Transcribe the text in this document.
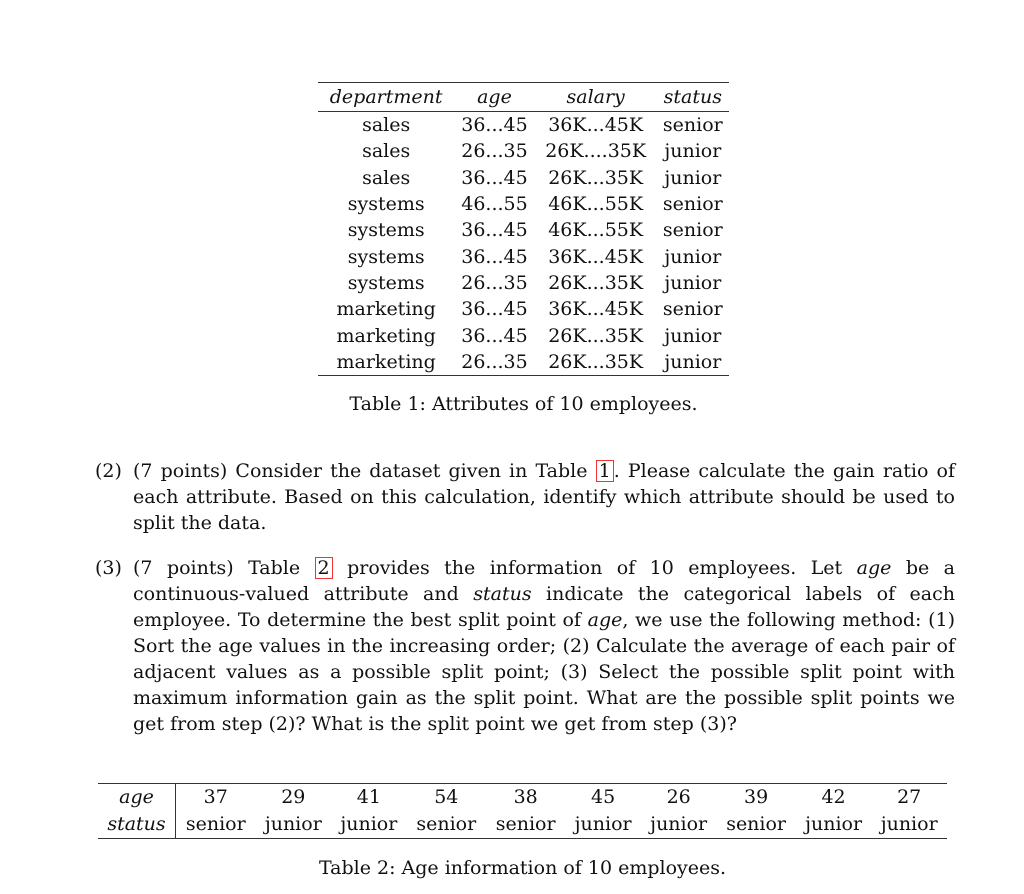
department	age	salary	status
sales	36...45	36K...45K	senior
sales	26...35	26K....35K	junior
sales	36...45	26K...35K	junior
systems	46...55	46K...55K	senior
systems	36...45	46K...55K	senior
systems	36...45	36K...45K	junior
systems	26...35	26K...35K	junior
marketing	36...45	36K...45K	senior
marketing	36...45	26K...35K	junior
marketing	26...35	26K...35K	junior
Table 1: Attributes of 10 employees.
(2) (7 points) Consider the dataset given in Table 1 . Please calculate the gain ratio of each attribute. Based on this calculation, identify which attribute should be used to split the data.
(3) (7 points) Table 2 provides the information of 10 employees. Let age be a continuous-valued attribute and status indicate the categorical labels of each employee. To determine the best split point of age, we use the following method: (1) Sort the age values in the increasing order; (2) Calculate the average of each pair of adjacent values as a possible split point; (3) Select the possible split point with maximum information gain as the split point. What are the possible split points we get from step (2)? What is the split point we get from step (3)?
age	37	29	41	54	38	45	26	39	42	27
status	senior	junior	junior	senior	senior	junior	junior	senior	junior	junior
Table 2: Age information of 10 employees.
